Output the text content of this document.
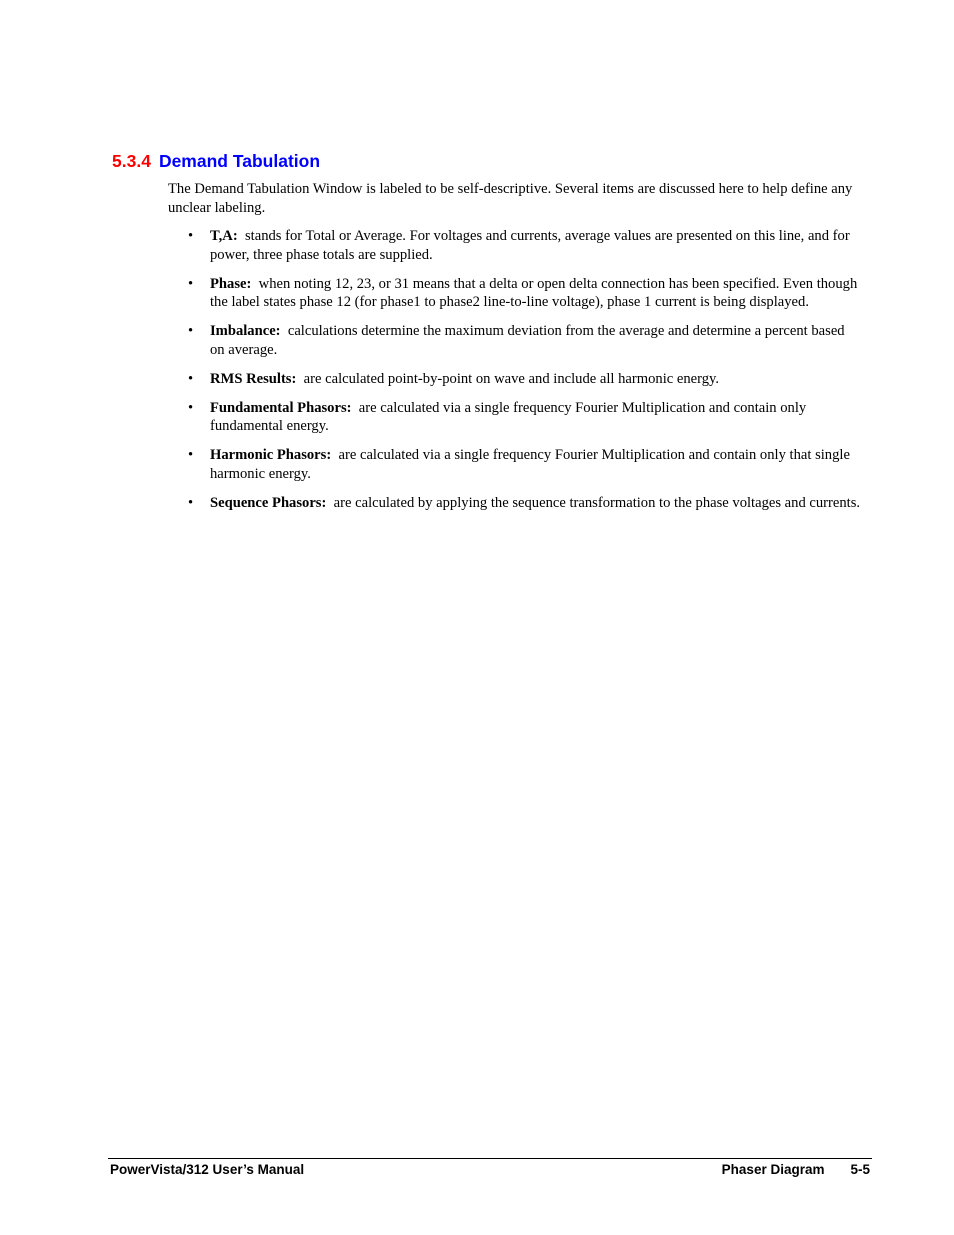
5.3.4 Demand Tabulation

The Demand Tabulation Window is labeled to be self-descriptive. Several items are discussed here to help define any unclear labeling.

• T,A: stands for Total or Average. For voltages and currents, average values are presented on this line, and for power, three phase totals are supplied.
• Phase: when noting 12, 23, or 31 means that a delta or open delta connection has been specified. Even though the label states phase 12 (for phase1 to phase2 line-to-line voltage), phase 1 current is being displayed.
• Imbalance: calculations determine the maximum deviation from the average and determine a percent based on average.
• RMS Results: are calculated point-by-point on wave and include all harmonic energy.
• Fundamental Phasors: are calculated via a single frequency Fourier Multiplication and contain only fundamental energy.
• Harmonic Phasors: are calculated via a single frequency Fourier Multiplication and contain only that single harmonic energy.
• Sequence Phasors: are calculated by applying the sequence transformation to the phase voltages and currents.
PowerVista/312 User’s Manual	Phaser Diagram 5-5
